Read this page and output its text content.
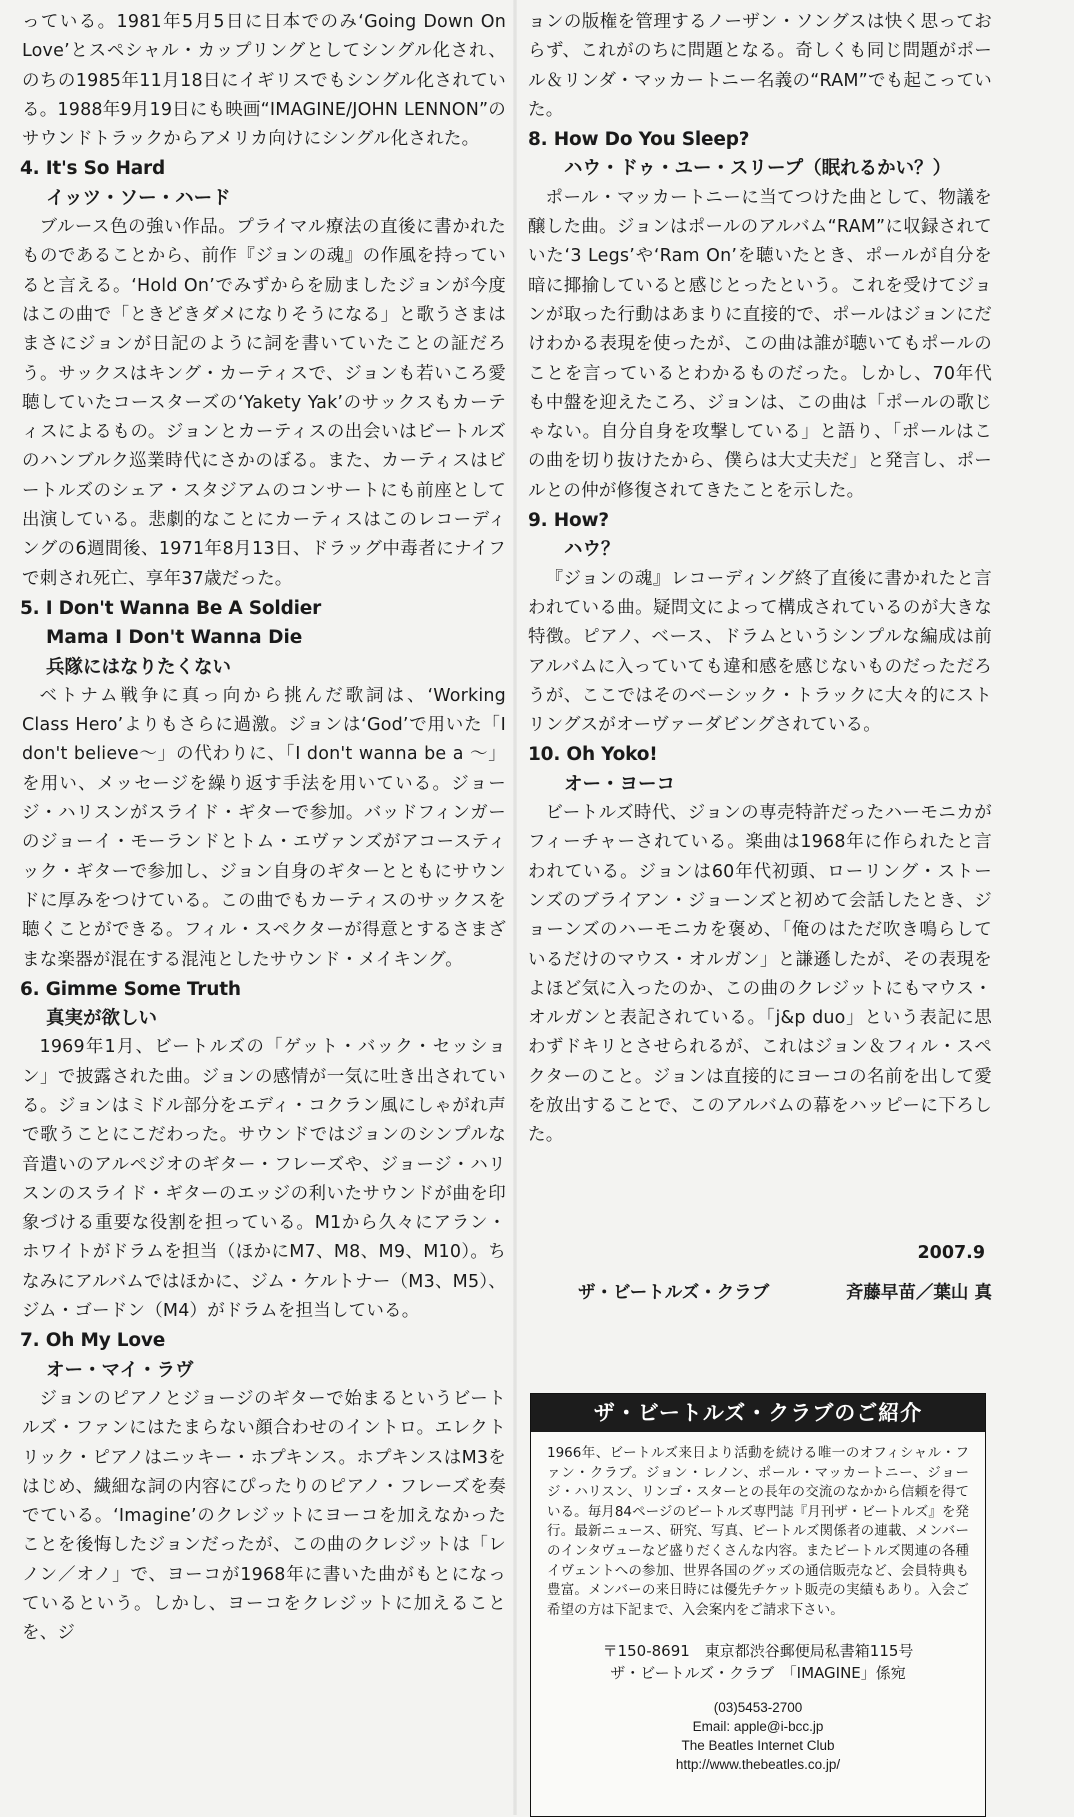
っている。1981年5月5日に日本でのみ‘Going Down On Love’とスペシャル・カップリングとしてシングル化され、のちの1985年11月18日にイギリスでもシングル化されている。1988年9月19日にも映画“IMAGINE/JOHN LENNON”のサウンドトラックからアメリカ向けにシングル化された。

4. It's So Hard

イッツ・ソー・ハード

ブルース色の強い作品。プライマル療法の直後に書かれたものであることから、前作『ジョンの魂』の作風を持っていると言える。‘Hold On’でみずからを励ましたジョンが今度はこの曲で「ときどきダメになりそうになる」と歌うさまはまさにジョンが日記のように詞を書いていたことの証だろう。サックスはキング・カーティスで、ジョンも若いころ愛聴していたコースターズの‘Yakety Yak’のサックスもカーティスによるもの。ジョンとカーティスの出会いはビートルズのハンブルク巡業時代にさかのぼる。また、カーティスはビートルズのシェア・スタジアムのコンサートにも前座として出演している。悲劇的なことにカーティスはこのレコーディングの6週間後、1971年8月13日、ドラッグ中毒者にナイフで刺され死亡、享年37歳だった。

5. I Don't Wanna Be A Soldier

Mama I Don't Wanna Die

兵隊にはなりたくない

ベトナム戦争に真っ向から挑んだ歌詞は、‘Working Class Hero’よりもさらに過激。ジョンは‘God’で用いた「I don't believe～」の代わりに、「I don't wanna be a ～」を用い、メッセージを繰り返す手法を用いている。ジョージ・ハリスンがスライド・ギターで参加。バッドフィンガーのジョーイ・モーランドとトム・エヴァンズがアコースティック・ギターで参加し、ジョン自身のギターとともにサウンドに厚みをつけている。この曲でもカーティスのサックスを聴くことができる。フィル・スペクターが得意とするさまざまな楽器が混在する混沌としたサウンド・メイキング。

6. Gimme Some Truth

真実が欲しい

1969年1月、ビートルズの「ゲット・バック・セッション」で披露された曲。ジョンの感情が一気に吐き出されている。ジョンはミドル部分をエディ・コクラン風にしゃがれ声で歌うことにこだわった。サウンドではジョンのシンプルな音遣いのアルペジオのギター・フレーズや、ジョージ・ハリスンのスライド・ギターのエッジの利いたサウンドが曲を印象づける重要な役割を担っている。M1から久々にアラン・ホワイトがドラムを担当（ほかにM7、M8、M9、M10）。ちなみにアルバムではほかに、ジム・ケルトナー（M3、M5）、ジム・ゴードン（M4）がドラムを担当している。

7. Oh My Love

オー・マイ・ラヴ

ジョンのピアノとジョージのギターで始まるというビートルズ・ファンにはたまらない顔合わせのイントロ。エレクトリック・ピアノはニッキー・ホプキンス。ホプキンスはM3をはじめ、繊細な詞の内容にぴったりのピアノ・フレーズを奏でている。‘Imagine’のクレジットにヨーコを加えなかったことを後悔したジョンだったが、この曲のクレジットは「レノン／オノ」で、ヨーコが1968年に書いた曲がもとになっているという。しかし、ヨーコをクレジットに加えることを、ジ

ョンの版権を管理するノーザン・ソングスは快く思っておらず、これがのちに問題となる。奇しくも同じ問題がポール＆リンダ・マッカートニー名義の“RAM”でも起こっていた。

8. How Do You Sleep?

ハウ・ドゥ・ユー・スリープ（眠れるかい？）

ポール・マッカートニーに当てつけた曲として、物議を醸した曲。ジョンはポールのアルバム“RAM”に収録されていた‘3 Legs’や‘Ram On’を聴いたとき、ポールが自分を暗に揶揄していると感じとったという。これを受けてジョンが取った行動はあまりに直接的で、ポールはジョンにだけわかる表現を使ったが、この曲は誰が聴いてもポールのことを言っているとわかるものだった。しかし、70年代も中盤を迎えたころ、ジョンは、この曲は「ポールの歌じゃない。自分自身を攻撃している」と語り、「ポールはこの曲を切り抜けたから、僕らは大丈夫だ」と発言し、ポールとの仲が修復されてきたことを示した。

9. How?

ハウ？

『ジョンの魂』レコーディング終了直後に書かれたと言われている曲。疑問文によって構成されているのが大きな特徴。ピアノ、ベース、ドラムというシンプルな編成は前アルバムに入っていても違和感を感じないものだっただろうが、ここではそのベーシック・トラックに大々的にストリングスがオーヴァーダビングされている。

10. Oh Yoko!

オー・ヨーコ

ビートルズ時代、ジョンの専売特許だったハーモニカがフィーチャーされている。楽曲は1968年に作られたと言われている。ジョンは60年代初頭、ローリング・ストーンズのブライアン・ジョーンズと初めて会話したとき、ジョーンズのハーモニカを褒め、「俺のはただ吹き鳴らしているだけのマウス・オルガン」と謙遜したが、その表現をよほど気に入ったのか、この曲のクレジットにもマウス・オルガンと表記されている。「j&p duo」という表記に思わずドキリとさせられるが、これはジョン＆フィル・スペクターのこと。ジョンは直接的にヨーコの名前を出して愛を放出することで、このアルバムの幕をハッピーに下ろした。

2007.9
ザ・ビートルズ・クラブ	斉藤早苗／葉山 真
ザ・ビートルズ・クラブのご紹介
1966年、ビートルズ来日より活動を続ける唯一のオフィシャル・ファン・クラブ。ジョン・レノン、ポール・マッカートニー、ジョージ・ハリスン、リンゴ・スターとの長年の交流のなかから信頼を得ている。毎月84ページのビートルズ専門誌『月刊ザ・ビートルズ』を発行。最新ニュース、研究、写真、ビートルズ関係者の連載、メンバーのインタヴューなど盛りだくさんな内容。またビートルズ関連の各種イヴェントへの参加、世界各国のグッズの通信販売など、会員特典も豊富。メンバーの来日時には優先チケット販売の実績もあり。入会ご希望の方は下記まで、入会案内をご請求下さい。
〒150-8691　東京都渋谷郵便局私書箱115号
ザ・ビートルズ・クラブ　「IMAGINE」係宛
(03)5453-2700
Email: apple@i-bcc.jp
The Beatles Internet Club
http://www.thebeatles.co.jp/
